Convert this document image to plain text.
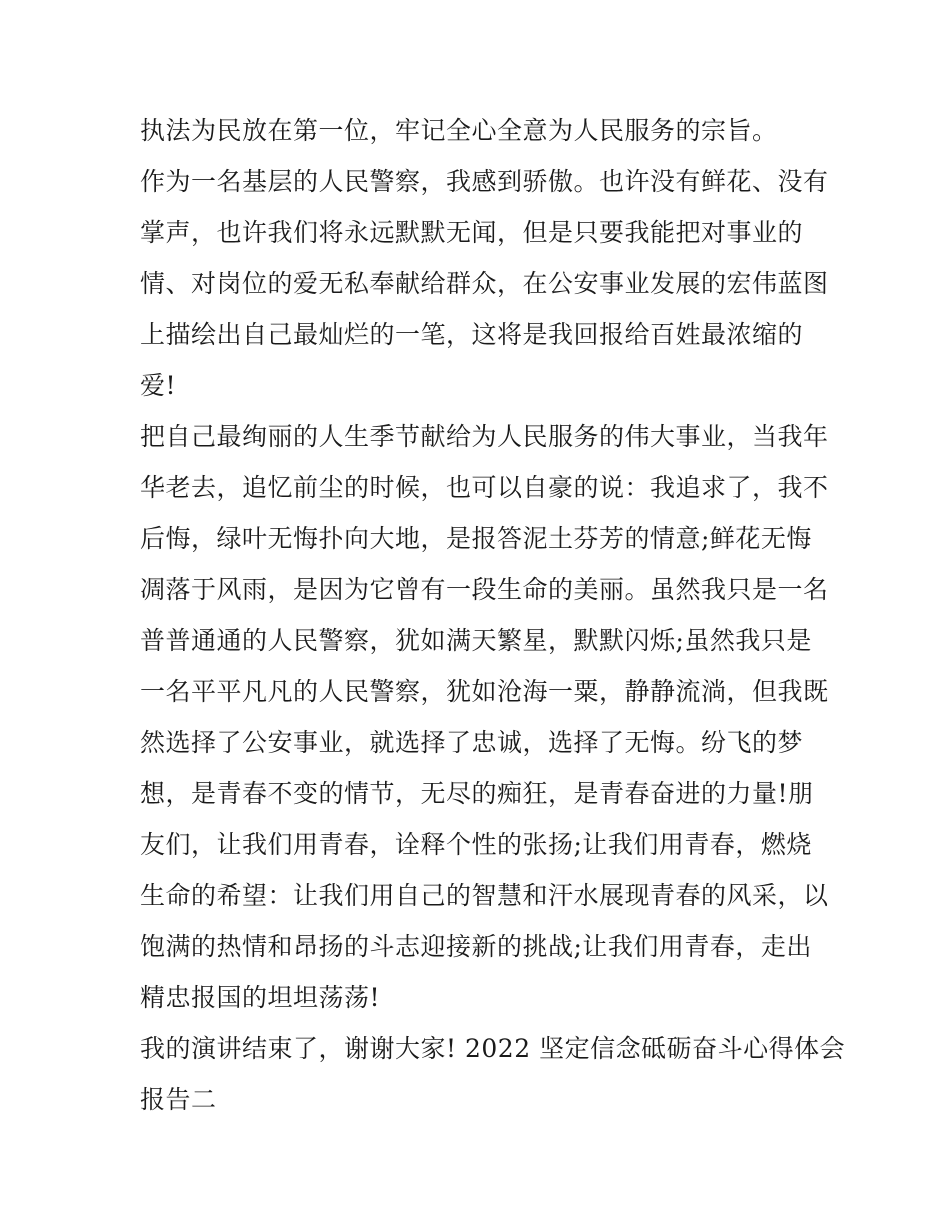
执法为民放在第一位，牢记全心全意为人民服务的宗旨。
作为一名基层的人民警察，我感到骄傲。也许没有鲜花、没有
掌声，也许我们将永远默默无闻，但是只要我能把对事业的
情、对岗位的爱无私奉献给群众，在公安事业发展的宏伟蓝图
上描绘出自己最灿烂的一笔，这将是我回报给百姓最浓缩的
爱!
把自己最绚丽的人生季节献给为人民服务的伟大事业，当我年
华老去，追忆前尘的时候，也可以自豪的说：我追求了，我不
后悔，绿叶无悔扑向大地，是报答泥土芬芳的情意;鲜花无悔
凋落于风雨，是因为它曾有一段生命的美丽。虽然我只是一名
普普通通的人民警察，犹如满天繁星，默默闪烁;虽然我只是
一名平平凡凡的人民警察，犹如沧海一粟，静静流淌，但我既
然选择了公安事业，就选择了忠诚，选择了无悔。纷飞的梦
想，是青春不变的情节，无尽的痴狂，是青春奋进的力量!朋
友们，让我们用青春，诠释个性的张扬;让我们用青春，燃烧
生命的希望：让我们用自己的智慧和汗水展现青春的风采，以
饱满的热情和昂扬的斗志迎接新的挑战;让我们用青春，走出
精忠报国的坦坦荡荡!
我的演讲结束了，谢谢大家! 2022 坚定信念砥砺奋斗心得体会
报告二
